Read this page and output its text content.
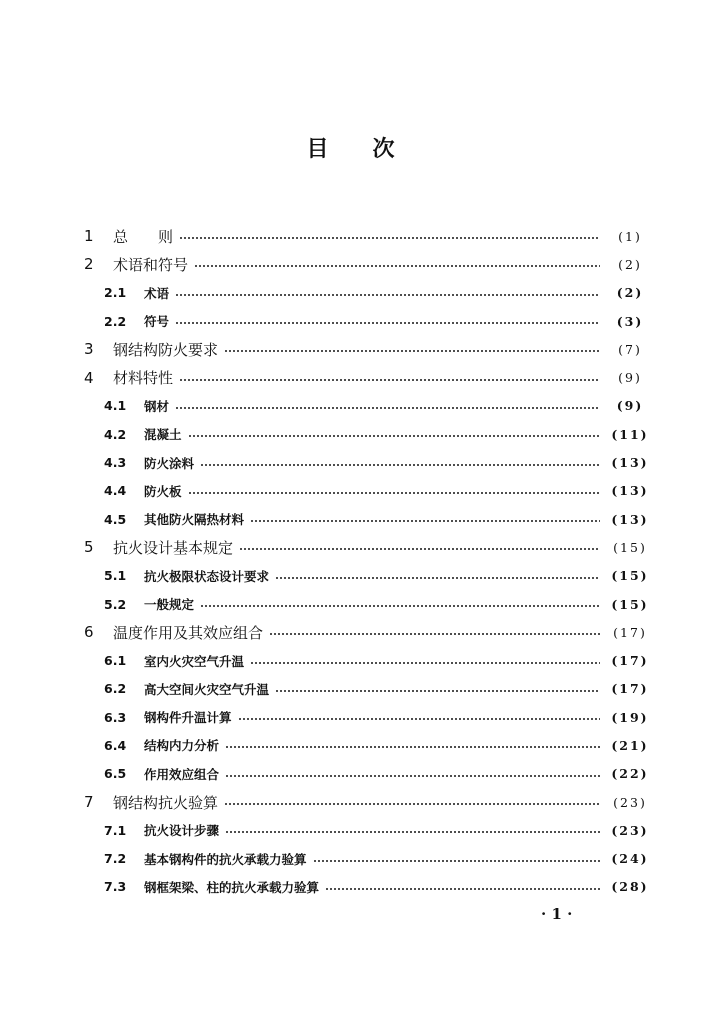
目 次
1	总　　则	(1)
2	术语和符号	(2)
2.1	术语	(2)
2.2	符号	(3)
3	钢结构防火要求	(7)
4	材料特性	(9)
4.1	钢材	(9)
4.2	混凝土	(11)
4.3	防火涂料	(13)
4.4	防火板	(13)
4.5	其他防火隔热材料	(13)
5	抗火设计基本规定	(15)
5.1	抗火极限状态设计要求	(15)
5.2	一般规定	(15)
6	温度作用及其效应组合	(17)
6.1	室内火灾空气升温	(17)
6.2	高大空间火灾空气升温	(17)
6.3	钢构件升温计算	(19)
6.4	结构内力分析	(21)
6.5	作用效应组合	(22)
7	钢结构抗火验算	(23)
7.1	抗火设计步骤	(23)
7.2	基本钢构件的抗火承载力验算	(24)
7.3	钢框架梁、柱的抗火承载力验算	(28)
· 1 ·
